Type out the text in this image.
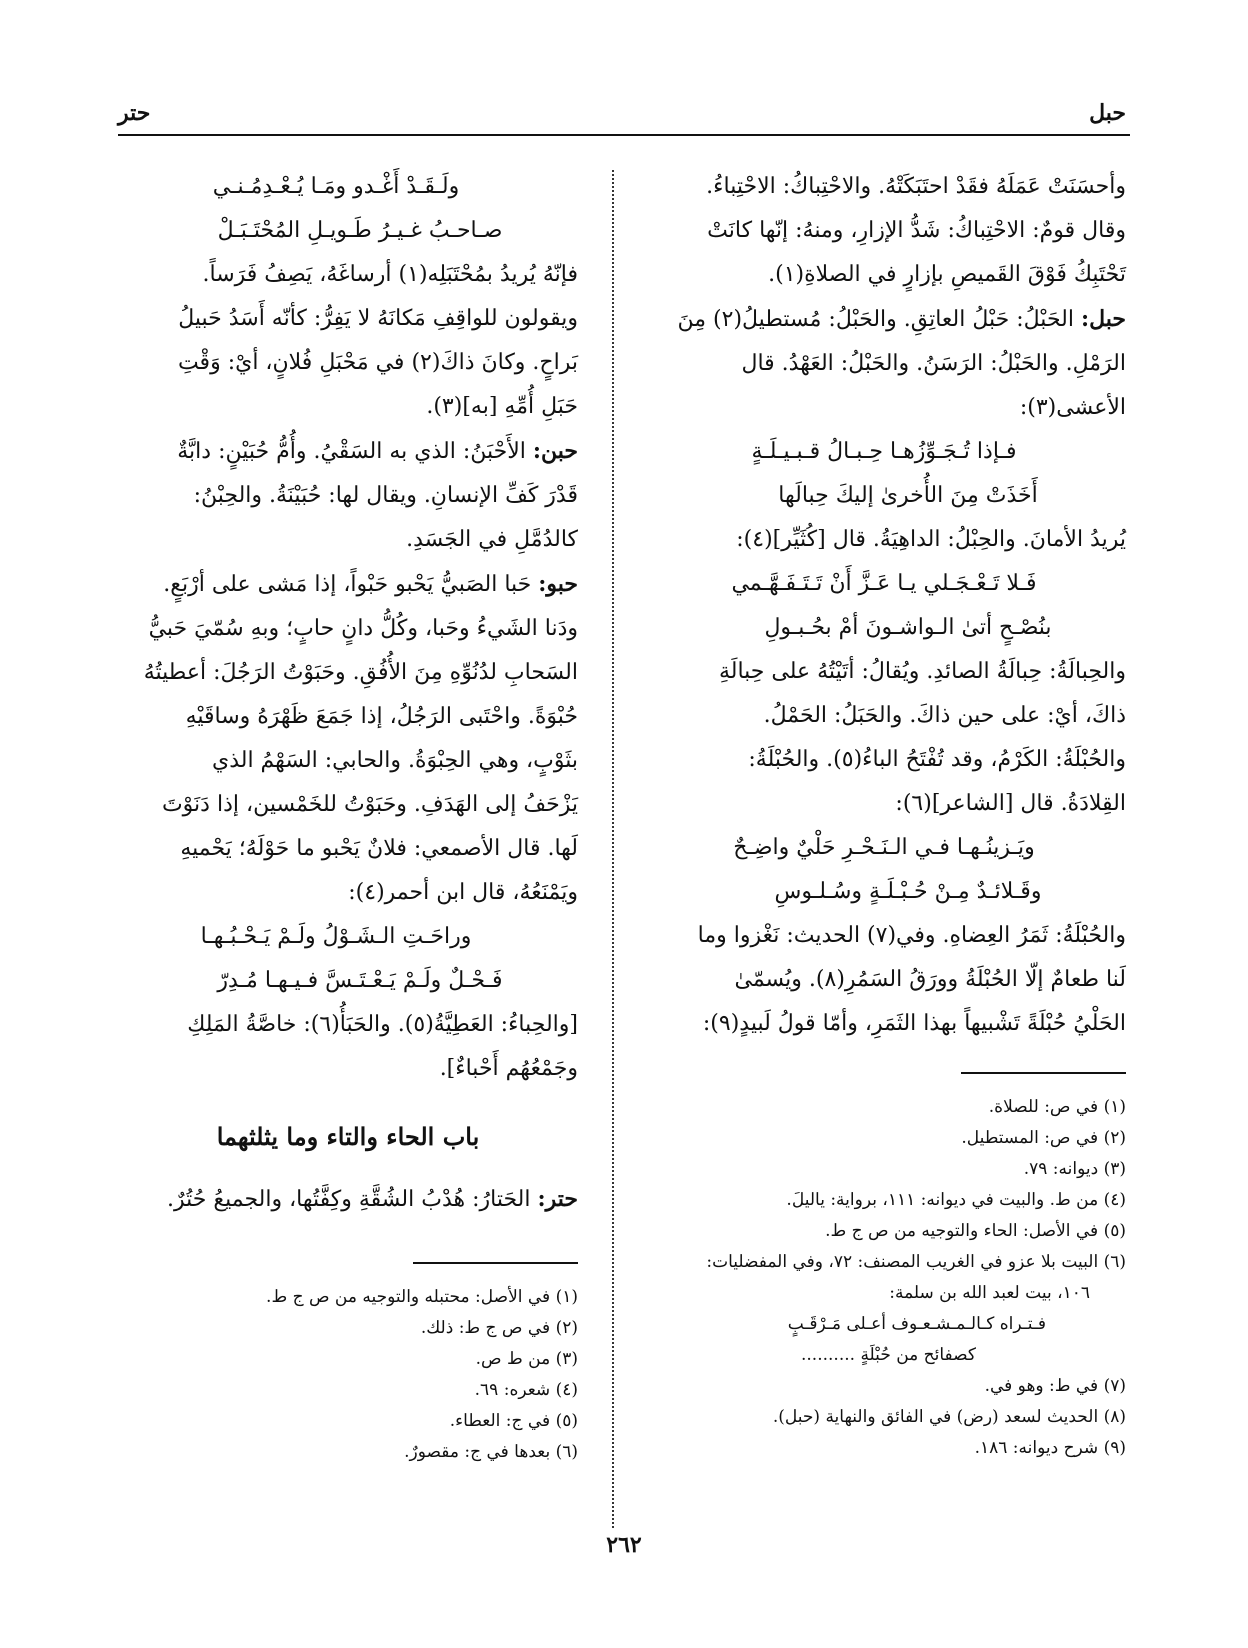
حبل
حتر

وأحسَنَتْ عَمَلَهُ فقَدْ احتَبَكَتْهُ. والاحْتِباكُ: الاحْتِباءُ.

وقال قومٌ: الاحْتِباكُ: شَدُّ الإزارِ، ومنهُ: إنّها كانَتْ

تَحْتَبِكُ فَوْقَ القَميصِ بإزارٍ في الصلاةِ(١).

حبل: الحَبْلُ: حَبْلُ العاتِقِ. والحَبْلُ: مُستطيلُ(٢) مِنَ

الرَمْلِ. والحَبْلُ: الرَسَنُ. والحَبْلُ: العَهْدُ. قال

الأعشى(٣):

فـإذا تُـجَـوِّزُهـا حِـبـالُ قـبـيـلَـةٍ

أَخَذَتْ مِنَ الأُخرىٰ إليكَ حِبالَها

يُريدُ الأمانَ. والحِبْلُ: الداهِيَةُ. قال [كُثَيِّر](٤):

فَـلا تَـعْـجَـلي يـا عَـزَّ أَنْ تَـتَـفَـهَّـمي

بنُصْـحٍ أتىٰ الـواشـونَ أمْ بحُـبـولِ

والحِبالَةُ: حِبالَةُ الصائدِ. ويُقالُ: أتَيْتُهُ على حِبالَةِ

ذاكَ، أيْ: على حين ذاكَ. والحَبَلُ: الحَمْلُ.

والحُبْلَةُ: الكَرْمُ، وقد تُفْتَحُ الباءُ(٥). والحُبْلَةُ:

القِلادَةُ. قال [الشاعر](٦):

ويَـزينُـهـا فـي الـنَـحْـرِ حَلْيٌ واضِـحٌ

وقَـلائـدٌ مِـنْ حُـبْـلَـةٍ وسُـلـوسِ

والحُبْلَةُ: ثَمَرُ العِضاهِ. وفي(٧) الحديث: نَغْزوا وما

لَنا طعامٌ إلّا الحُبْلَةُ وورَقُ السَمُرِ(٨). ويُسمّىٰ

الحَلْيُ حُبْلَةً تَشْبيهاً بهذا الثَمَرِ، وأمّا قولُ لَبيدٍ(٩):

(١) في ص: للصلاة.

(٢) في ص: المستطيل.

(٣) ديوانه: ٧٩.

(٤) من ط. والبيت في ديوانه: ١١١، برواية: ياليلَ.

(٥) في الأصل: الحاء والتوجيه من ص ج ط.

(٦) البيت بلا عزو في الغريب المصنف: ٧٢، وفي المفضليات:

١٠٦، بيت لعبد الله بن سلمة:

فـتـراه كـالـمـشـعـوف أعـلى مَـرْقَـبٍ

كصفائح من حُبْلَةٍ ..........

(٧) في ط: وهو في.

(٨) الحديث لسعد (رض) في الفائق والنهاية (حبل).

(٩) شرح ديوانه: ١٨٦.

ولَـقَـدْ أَغْـدو ومَـا يُـعْـدِمُـنـي

صـاحـبُ غـيـرُ طَـويـلِ المُحْتَـبَـلْ

فإنّهُ يُريدُ بمُحْتَبَلِه(١) أرساغَهُ، يَصِفُ فَرَساً.

ويقولون للواقِفِ مَكانَهُ لا يَفِرُّ: كأنّه أَسَدُ حَبيلُ

بَراحٍ. وكانَ ذاكَ(٢) في مَحْبَلِ فُلانٍ، أيْ: وَقْتِ

حَبَلِ أُمِّهِ [به](٣).

حبن: الأَحْبَنُ: الذي به السَقْيُ. وأُمُّ حُبَيْنٍ: دابَّةٌ

قَدْرَ كَفِّ الإنسانِ. ويقال لها: حُبَيْنَةُ. والحِبْنُ:

كالدُمَّلِ في الجَسَدِ.

حبو: حَبا الصَبيُّ يَحْبو حَبْواً، إذا مَشى على أرْبَعٍ.

ودَنا الشَيءُ وحَبا، وكُلُّ دانٍ حابٍ؛ وبهِ سُمّيَ حَبيُّ

السَحابِ لدُنُوِّهِ مِنَ الأُفُقِ. وحَبَوْتُ الرَجُلَ: أعطيتُهُ

حُبْوَةً. واحْتَبى الرَجُلُ، إذا جَمَعَ ظَهْرَهُ وساقَيْهِ

بثَوْبٍ، وهي الحِبْوَةُ. والحابي: السَهْمُ الذي

يَزْحَفُ إلى الهَدَفِ. وحَبَوْتُ للخَمْسين، إذا دَنَوْتَ

لَها. قال الأصمعي: فلانٌ يَحْبو ما حَوْلَهُ؛ يَحْميهِ

ويَمْنَعُهُ، قال ابن أحمر(٤):

وراحَـتِ الـشَـوْلُ ولَـمْ يَـحْـبُـهـا

فَـحْـلٌ ولَـمْ يَـعْـتَـسَّ فـيـهـا مُـدِرّ

[والحِباءُ: العَطِيَّةُ(٥). والحَبَأُ(٦): خاصَّةُ المَلِكِ

وجَمْعُهُم أَحْباءٌ].

باب الحاء والتاء وما يثلثهما

حتر: الحَتارُ: هُدْبُ الشُقَّةِ وكِفَّتُها، والجميعُ حُتُرٌ.

(١) في الأصل: محتبله والتوجيه من ص ج ط.

(٢) في ص ج ط: ذلك.

(٣) من ط ص.

(٤) شعره: ٦٩.

(٥) في ج: العطاء.

(٦) بعدها في ج: مقصورٌ.

٢٦٢
